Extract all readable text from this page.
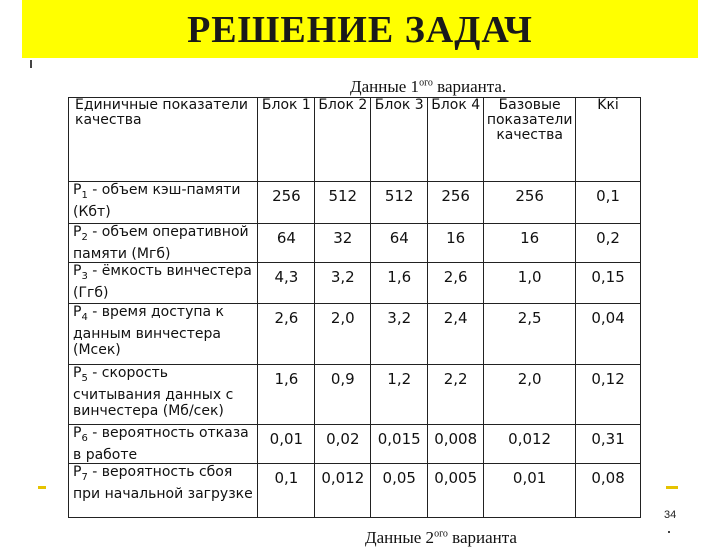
РЕШЕНИЕ ЗАДАЧ
Данные $1^{ого}$ варианта.
Единичные показатели качества	Блок 1	Блок 2	Блок 3	Блок 4	Базовые показатели качества	Kкi
$P_1$ - объем кэш-памяти (Кбт)	256	512	512	256	256	0,1
$P_2$ - объем оперативной памяти (Мгб)	64	32	64	16	16	0,2
$P_3$ - ёмкость винчестера (Ггб)	4,3	3,2	1,6	2,6	1,0	0,15
$P_4$ - время доступа к данным винчестера (Мсек)	2,6	2,0	3,2	2,4	2,5	0,04
$P_5$ - скорость считывания данных с винчестера (Мб/сек)	1,6	0,9	1,2	2,2	2,0	0,12
$P_6$ - вероятность отказа в работе	0,01	0,02	0,015	0,008	0,012	0,31
$P_7$ - вероятность сбоя при начальной загрузке	0,1	0,012	0,05	0,005	0,01	0,08
34
Данные $2^{ого}$ варианта
